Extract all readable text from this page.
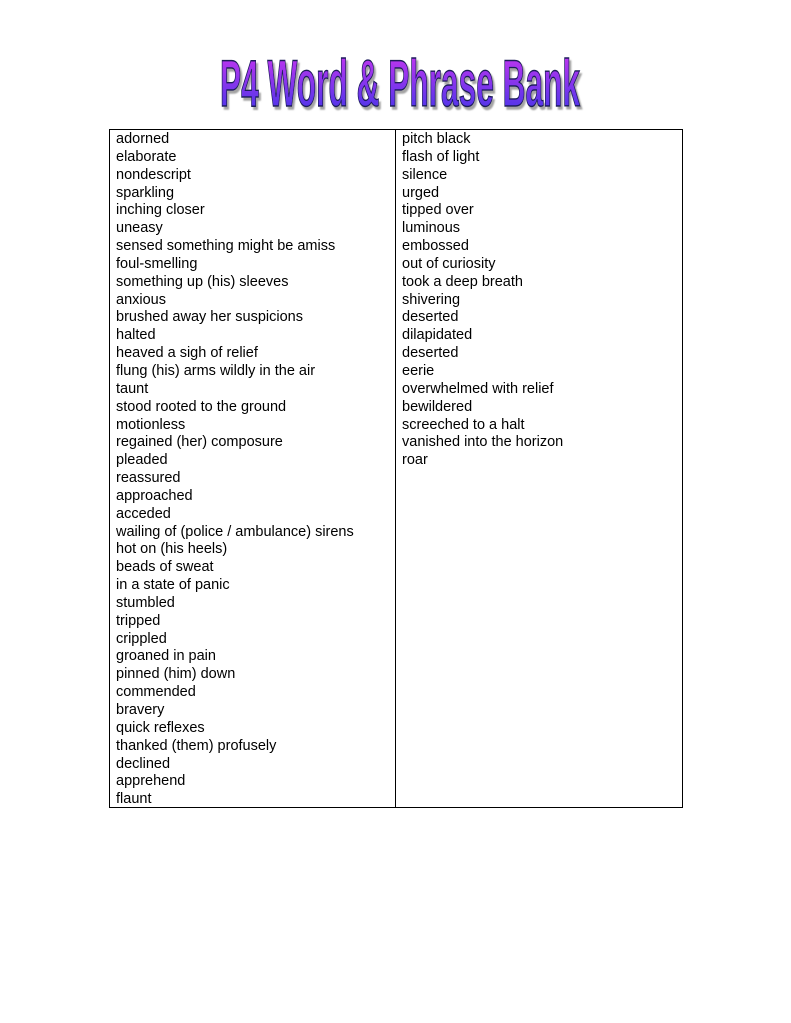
P4 Word & Phrase Bank
adorned
elaborate
nondescript
sparkling
inching closer
uneasy
sensed something might be amiss
foul-smelling
something up (his) sleeves
anxious
brushed away her suspicions
halted
heaved a sigh of relief
flung (his) arms wildly in the air
taunt
stood rooted to the ground
motionless
regained (her) composure
pleaded
reassured
approached
acceded
wailing of (police / ambulance) sirens
hot on (his heels)
beads of sweat
in a state of panic
stumbled
tripped
crippled
groaned in pain
pinned (him) down
commended
bravery
quick reflexes
thanked (them) profusely
declined
apprehend
flaunt
pitch black
flash of light
silence
urged
tipped over
luminous
embossed
out of curiosity
took a deep breath
shivering
deserted
dilapidated
deserted
eerie
overwhelmed with relief
bewildered
screeched to a halt
vanished into the horizon
roar
